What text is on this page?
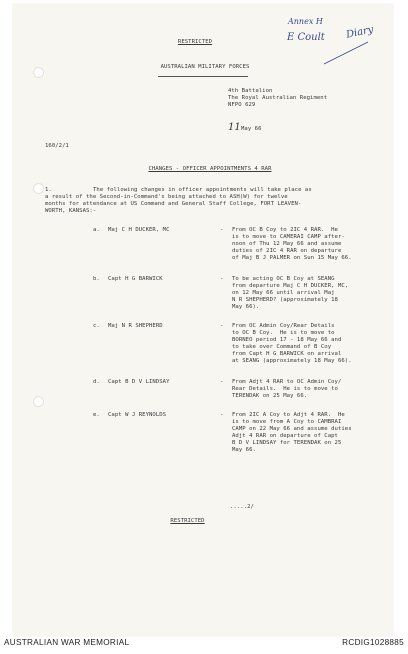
Annex H
E Coult Diary
RESTRICTED
AUSTRALIAN MILITARY FORCES
4th Battalion
The Royal Australian Regiment
NFPO 629
11 May 66
160/2/1
CHANGES - OFFICER APPOINTMENTS 4 RAR
1.	The following changes in officer appointments will take place as
a result of the Second-in-Command's being attached to ASH(W) for twelve
months for attendance at US Command and General Staff College, FORT LEAVEN-
WORTH, KANSAS:-
a. Maj C H DUCKER, MC	- From OC B Coy to 2IC 4 RAR.  He
is to move to CAMERAI CAMP after-
noon of Thu 12 May 66 and assume
duties of 2IC 4 RAR on departure
of Maj B J PALMER on Sun 15 May 66.
b. Capt H G BARWICK	- To be acting OC B Coy at SEANG
from departure Maj C H DUCKER, MC,
on 12 May 66 until arrival Maj
N R SHEPHERD? (approximately 18
May 66).
c. Maj N R SHEPHERD	- From OC Admin Coy/Rear Details
to OC B Coy.  He is to move to
BORNEO period 17 - 18 May 66 and
to take over Command of B Coy
from Capt H G BARWICK on arrival
at SEANG (approximately 18 May 66).
d. Capt B D V LINDSAY	- From Adjt 4 RAR to OC Admin Coy/
Rear Details.  He is to move to
TERENDAK on 25 May 66.
e. Capt W J REYNOLDS	- From 2IC A Coy to Adjt 4 RAR.  He
is to move from A Coy to CAMBRAI
CAMP on 22 May 66 and assume duties
Adjt 4 RAR on departure of Capt
B D V LINDSAY for TERENDAK on 25
May 66.
.....2/
RESTRICTED
AUSTRALIAN WAR MEMORIAL	RCDIG1028885
